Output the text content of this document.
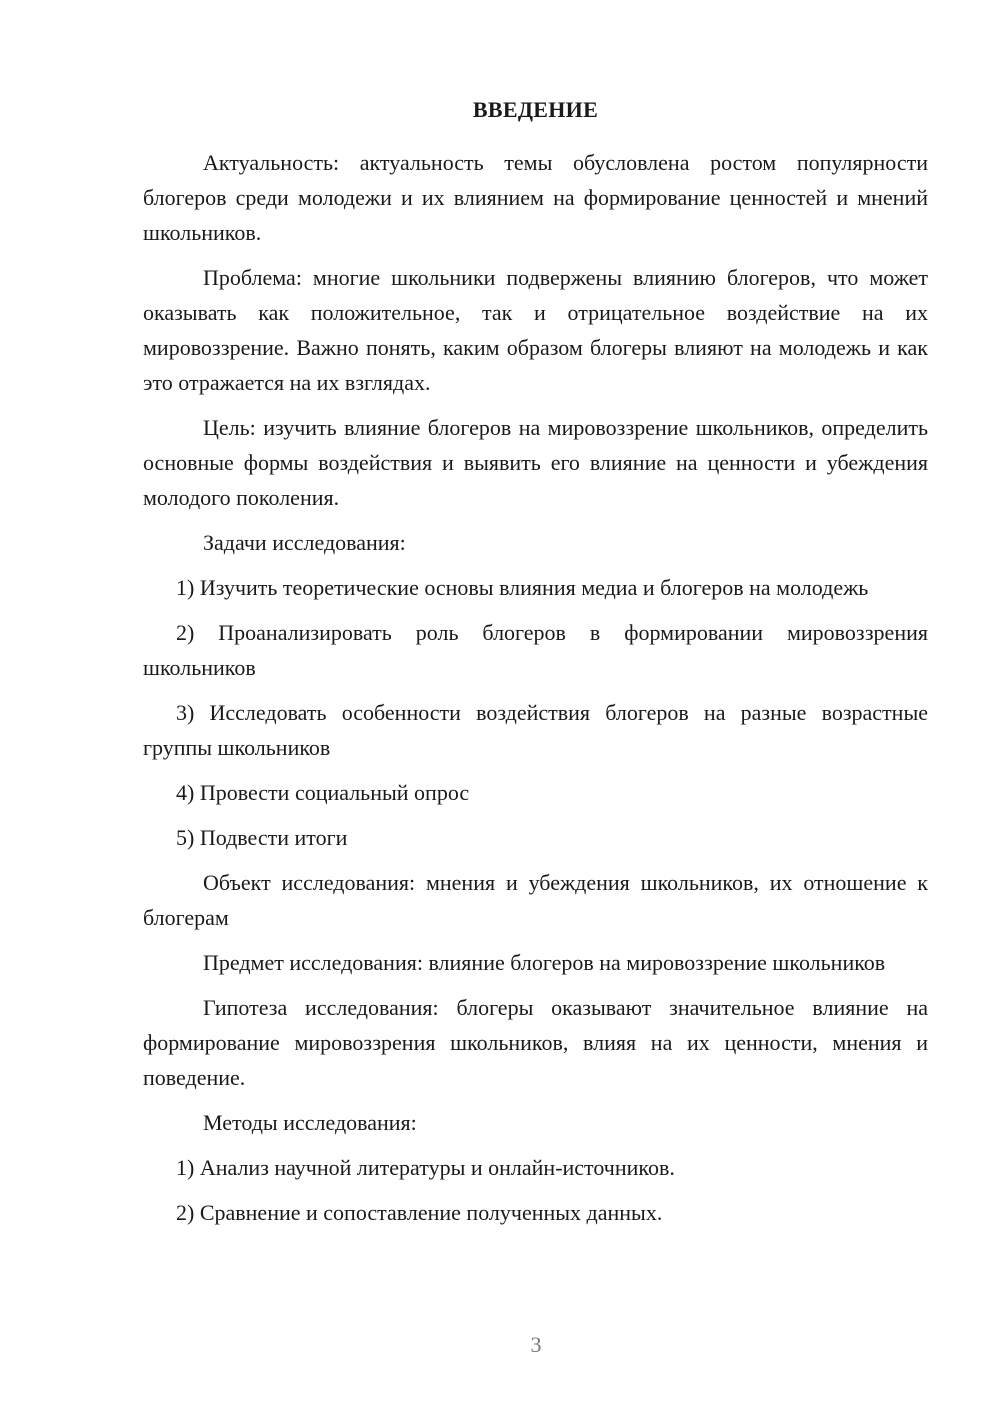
ВВЕДЕНИЕ

Актуальность: актуальность темы обусловлена ростом популярности блогеров среди молодежи и их влиянием на формирование ценностей и мнений школьников.

Проблема: многие школьники подвержены влиянию блогеров, что может оказывать как положительное, так и отрицательное воздействие на их мировоззрение. Важно понять, каким образом блогеры влияют на молодежь и как это отражается на их взглядах.

Цель: изучить влияние блогеров на мировоззрение школьников, определить основные формы воздействия и выявить его влияние на ценности и убеждения молодого поколения.

Задачи исследования:

1) Изучить теоретические основы влияния медиа и блогеров на молодежь

2) Проанализировать роль блогеров в формировании мировоззрения школьников

3) Исследовать особенности воздействия блогеров на разные возрастные группы школьников

4) Провести социальный опрос

5) Подвести итоги

Объект исследования: мнения и убеждения школьников, их отношение к блогерам

Предмет исследования: влияние блогеров на мировоззрение школьников

Гипотеза исследования: блогеры оказывают значительное влияние на формирование мировоззрения школьников, влияя на их ценности, мнения и поведение.

Методы исследования:

1) Анализ научной литературы и онлайн-источников.

2) Сравнение и сопоставление полученных данных.

3
